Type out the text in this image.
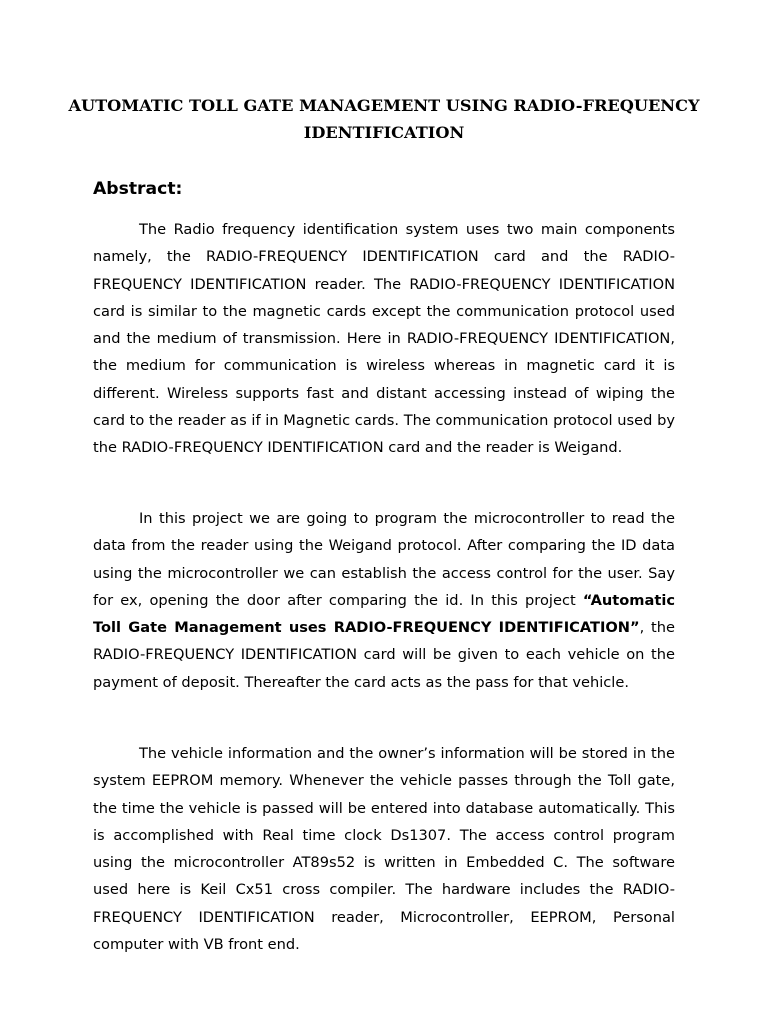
AUTOMATIC TOLL GATE MANAGEMENT USING RADIO-FREQUENCY IDENTIFICATION
Abstract:

The Radio frequency identification system uses two main components namely, the RADIO-FREQUENCY IDENTIFICATION card and the RADIO-FREQUENCY IDENTIFICATION reader. The RADIO-FREQUENCY IDENTIFICATION card is similar to the magnetic cards except the communication protocol used and the medium of transmission. Here in RADIO-FREQUENCY IDENTIFICATION, the medium for communication is wireless whereas in magnetic card it is different. Wireless supports fast and distant accessing instead of wiping the card to the reader as if in Magnetic cards. The communication protocol used by the RADIO-FREQUENCY IDENTIFICATION card and the reader is Weigand.

In this project we are going to program the microcontroller to read the data from the reader using the Weigand protocol. After comparing the ID data using the microcontroller we can establish the access control for the user. Say for ex, opening the door after comparing the id. In this project “Automatic Toll Gate Management uses RADIO-FREQUENCY IDENTIFICATION”, the RADIO-FREQUENCY IDENTIFICATION card will be given to each vehicle on the payment of deposit. Thereafter the card acts as the pass for that vehicle.

The vehicle information and the owner’s information will be stored in the system EEPROM memory. Whenever the vehicle passes through the Toll gate, the time the vehicle is passed will be entered into database automatically. This is accomplished with Real time clock Ds1307. The access control program using the microcontroller AT89s52 is written in Embedded C. The software used here is Keil Cx51 cross compiler. The hardware includes the RADIO-FREQUENCY IDENTIFICATION reader, Microcontroller, EEPROM, Personal computer with VB front end.
